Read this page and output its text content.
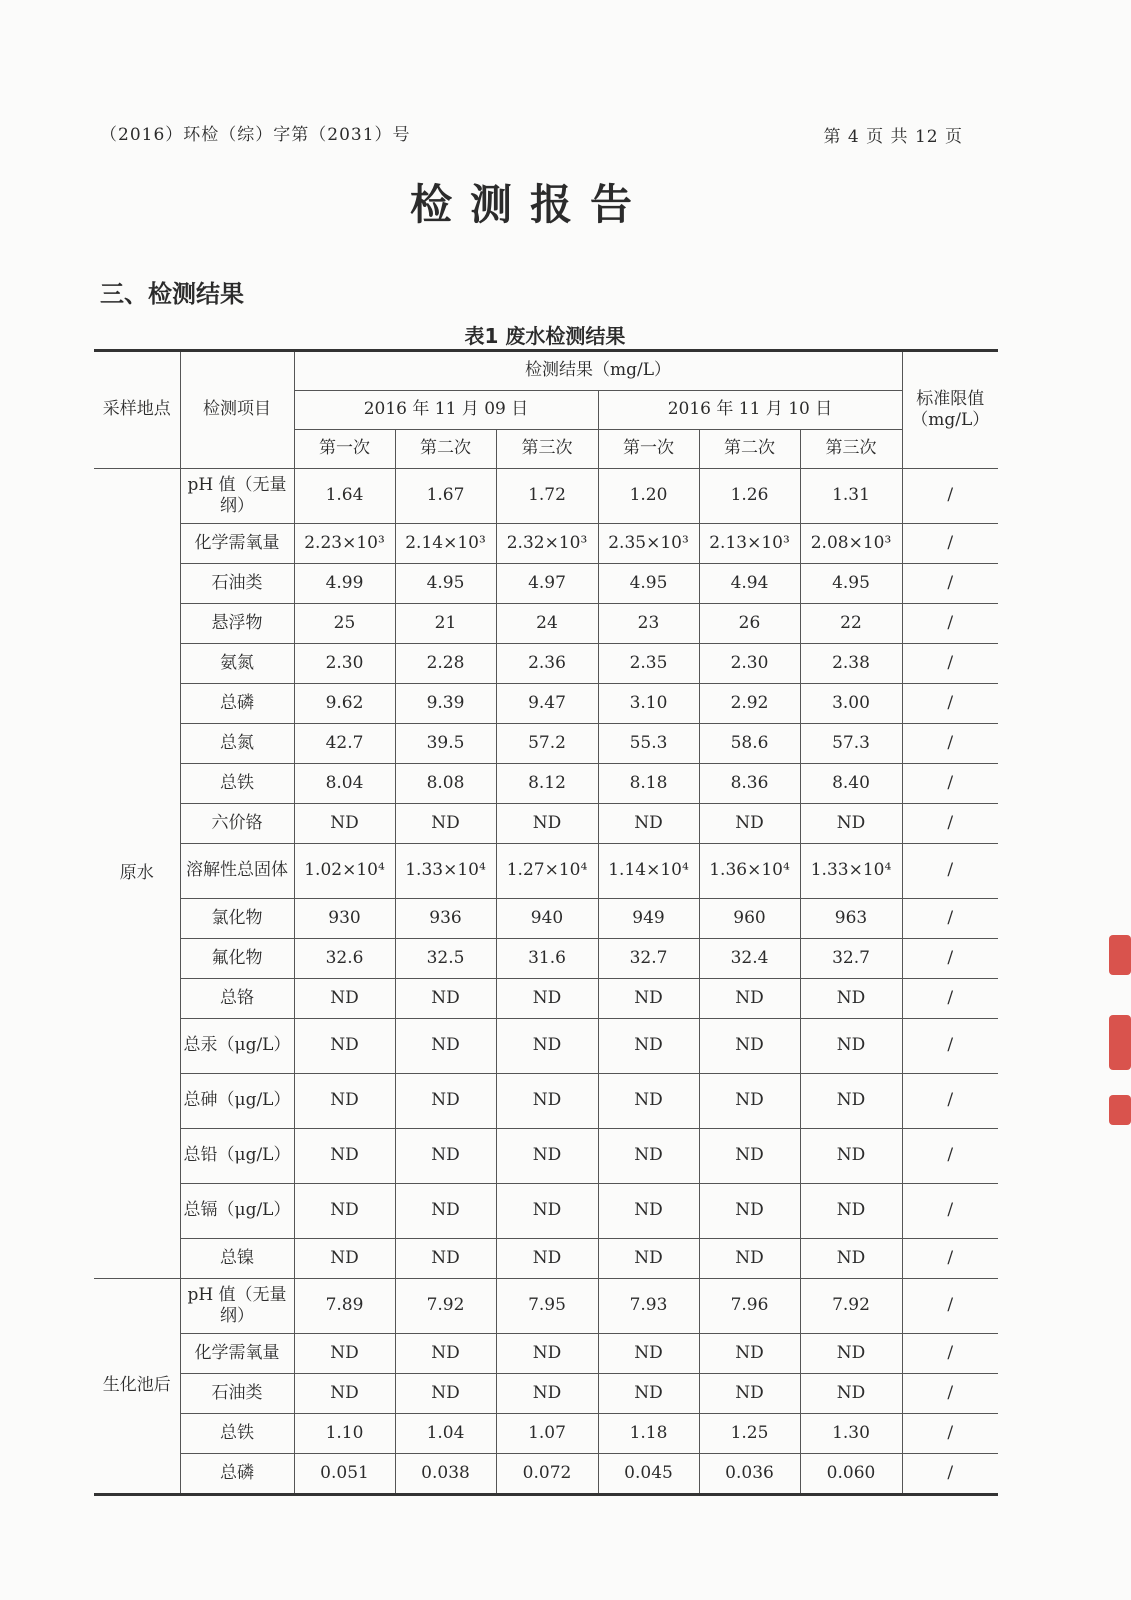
（2016）环检（综）字第（2031）号	第 4 页 共 12 页
检测报告
三、检测结果
表1 废水检测结果
采样地点	检测项目	检测结果（mg/L）						标准限值（mg/L）
		2016 年 11 月 09 日			2016 年 11 月 10 日			
		第一次	第二次	第三次	第一次	第二次	第三次	
原水	pH 值（无量纲）	1.64	1.67	1.72	1.20	1.26	1.31	/
	化学需氧量	2.23×10³	2.14×10³	2.32×10³	2.35×10³	2.13×10³	2.08×10³	/
	石油类	4.99	4.95	4.97	4.95	4.94	4.95	/
	悬浮物	25	21	24	23	26	22	/
	氨氮	2.30	2.28	2.36	2.35	2.30	2.38	/
	总磷	9.62	9.39	9.47	3.10	2.92	3.00	/
	总氮	42.7	39.5	57.2	55.3	58.6	57.3	/
	总铁	8.04	8.08	8.12	8.18	8.36	8.40	/
	六价铬	ND	ND	ND	ND	ND	ND	/
	溶解性总固体	1.02×10⁴	1.33×10⁴	1.27×10⁴	1.14×10⁴	1.36×10⁴	1.33×10⁴	/
	氯化物	930	936	940	949	960	963	/
	氟化物	32.6	32.5	31.6	32.7	32.4	32.7	/
	总铬	ND	ND	ND	ND	ND	ND	/
	总汞（μg/L）	ND	ND	ND	ND	ND	ND	/
	总砷（μg/L）	ND	ND	ND	ND	ND	ND	/
	总铅（μg/L）	ND	ND	ND	ND	ND	ND	/
	总镉（μg/L）	ND	ND	ND	ND	ND	ND	/
	总镍	ND	ND	ND	ND	ND	ND	/
生化池后	pH 值（无量纲）	7.89	7.92	7.95	7.93	7.96	7.92	/
	化学需氧量	ND	ND	ND	ND	ND	ND	/
	石油类	ND	ND	ND	ND	ND	ND	/
	总铁	1.10	1.04	1.07	1.18	1.25	1.30	/
	总磷	0.051	0.038	0.072	0.045	0.036	0.060	/
